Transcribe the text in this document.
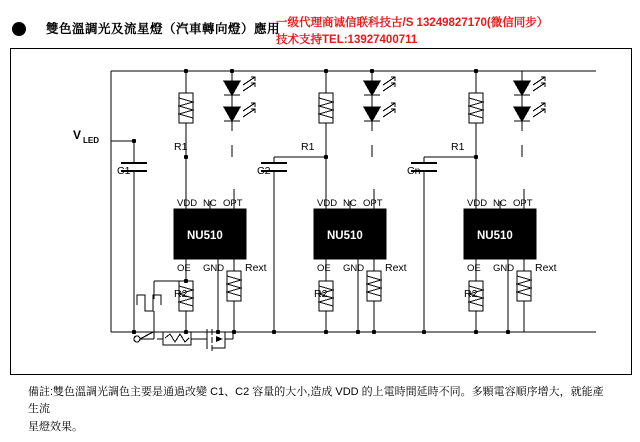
雙色溫調光及流星燈（汽車轉向燈）應用
一级代理商诚信联科技古/S 13249827170(微信同步）
技术支持TEL:13927400711
V LED
R1
C1
R2
Rext
VDD NC OPT
OE GND
NU510
R1
C2
R2
Rext
VDD NC OPT
OE GND
NU510
R1
Cn
R2
Rext
VDD NC OPT
OE GND
NU510
備註:雙色溫調光調色主要是通過改變 C1、C2 容量的大小,造成 VDD 的上電時間延時不同。多顆電容順序增大，就能產生流
星燈效果。
